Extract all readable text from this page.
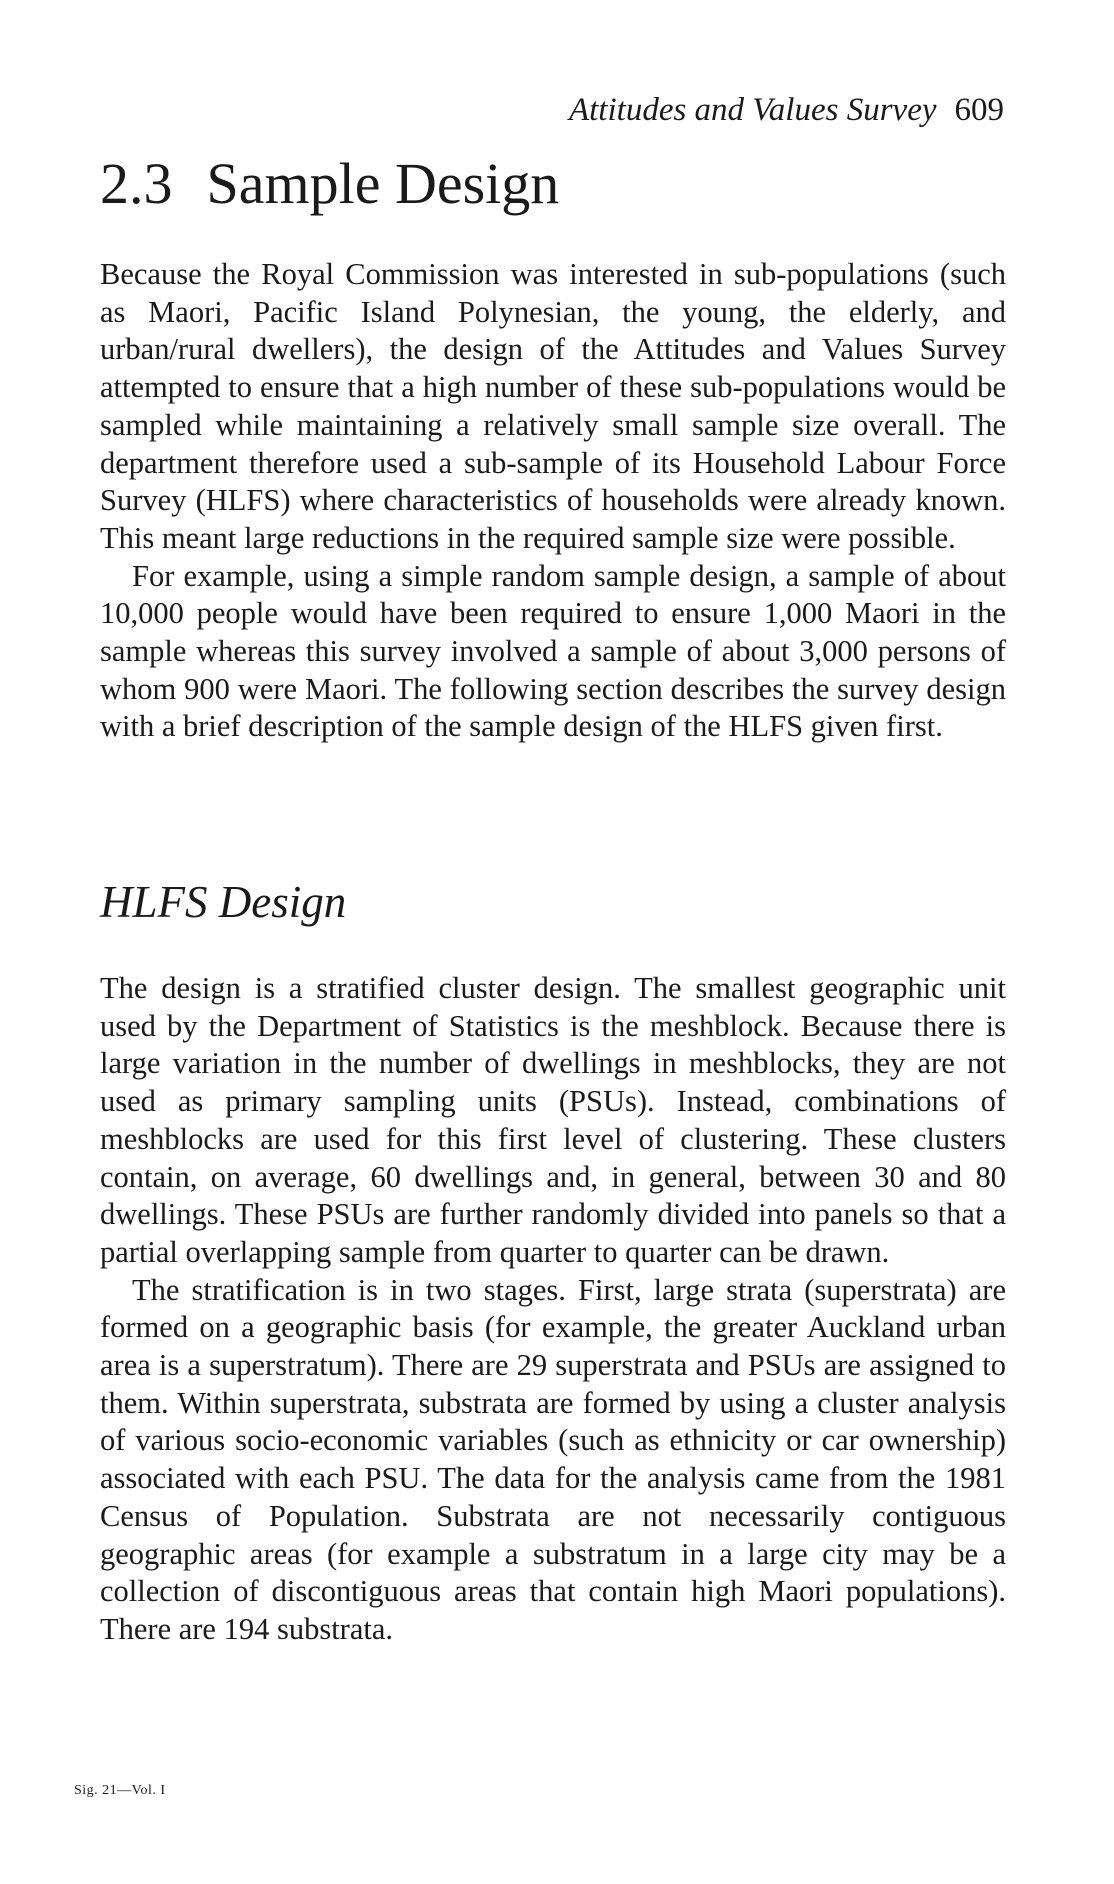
Attitudes and Values Survey 609
2.3 Sample Design

Because the Royal Commission was interested in sub-populations (such as Maori, Pacific Island Polynesian, the young, the elderly, and urban/rural dwellers), the design of the Attitudes and Values Survey attempted to ensure that a high number of these sub-populations would be sampled while maintaining a relatively small sample size overall. The department therefore used a sub-sample of its Household Labour Force Survey (HLFS) where characteristics of households were already known. This meant large reductions in the required sample size were possible.

For example, using a simple random sample design, a sample of about 10,000 people would have been required to ensure 1,000 Maori in the sample whereas this survey involved a sample of about 3,000 persons of whom 900 were Maori. The following section describes the survey design with a brief description of the sample design of the HLFS given first.

HLFS Design

The design is a stratified cluster design. The smallest geographic unit used by the Department of Statistics is the meshblock. Because there is large variation in the number of dwellings in meshblocks, they are not used as primary sampling units (PSUs). Instead, combinations of meshblocks are used for this first level of clustering. These clusters contain, on average, 60 dwellings and, in general, between 30 and 80 dwellings. These PSUs are further randomly divided into panels so that a partial overlapping sample from quarter to quarter can be drawn.

The stratification is in two stages. First, large strata (superstrata) are formed on a geographic basis (for example, the greater Auckland urban area is a superstratum). There are 29 superstrata and PSUs are assigned to them. Within superstrata, substrata are formed by using a cluster analysis of various socio-economic variables (such as ethnicity or car ownership) associated with each PSU. The data for the analysis came from the 1981 Census of Population. Substrata are not necessarily contiguous geographic areas (for example a substratum in a large city may be a collection of discontiguous areas that contain high Maori populations). There are 194 substrata.

Sig. 21—Vol. I
